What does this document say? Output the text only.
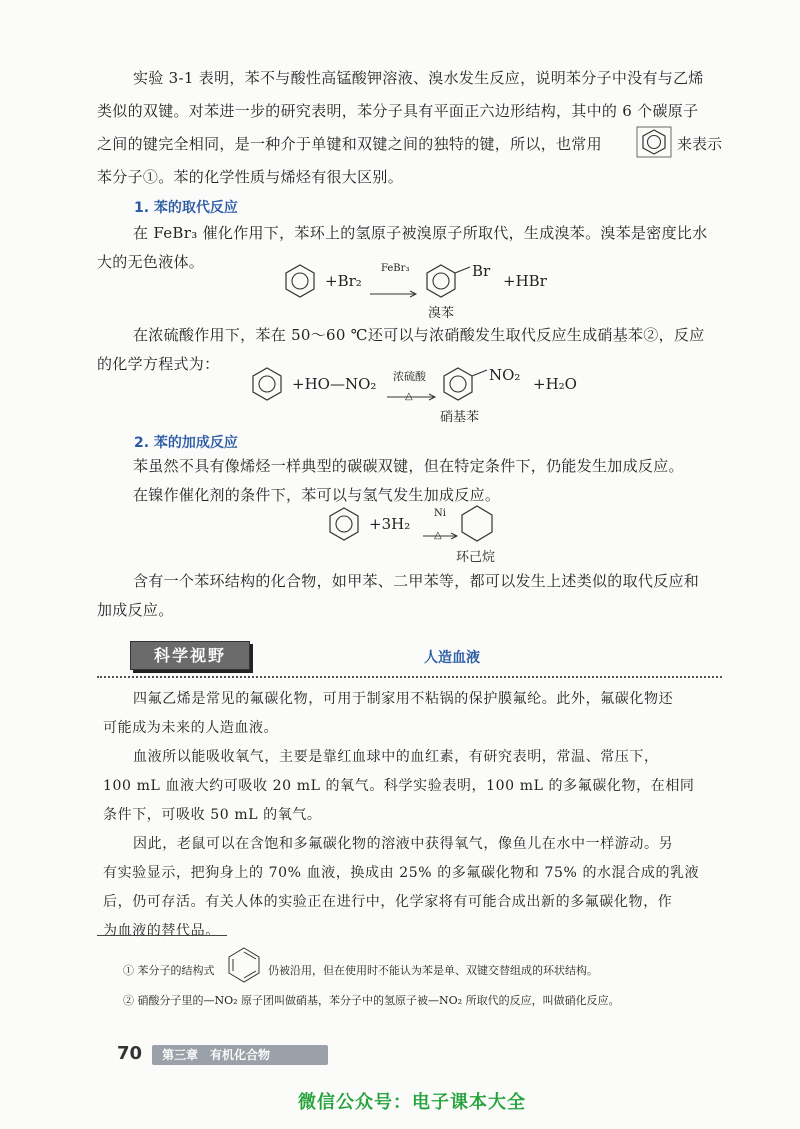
实验 3-1 表明，苯不与酸性高锰酸钾溶液、溴水发生反应，说明苯分子中没有与乙烯
类似的双键。对苯进一步的研究表明，苯分子具有平面正六边形结构，其中的 6 个碳原子
之间的键完全相同，是一种介于单键和双键之间的独特的键，所以，也常用	来表示
苯分子①。苯的化学性质与烯烃有很大区别。
1. 苯的取代反应
在 FeBr₃ 催化作用下，苯环上的氢原子被溴原子所取代，生成溴苯。溴苯是密度比水
大的无色液体。
+Br₂
FeBr₃	Br
+HBr
溴苯
在浓硫酸作用下，苯在 50～60 ℃还可以与浓硝酸发生取代反应生成硝基苯②，反应
的化学方程式为：
+HO—NO₂ 浓硫酸
△
NO₂ +H₂O
硝基苯
2. 苯的加成反应
苯虽然不具有像烯烃一样典型的碳碳双键，但在特定条件下，仍能发生加成反应。
在镍作催化剂的条件下，苯可以与氢气发生加成反应。
+3H₂
Ni
△
环己烷
含有一个苯环结构的化合物，如甲苯、二甲苯等，都可以发生上述类似的取代反应和
加成反应。
科学视野	人造血液
四氟乙烯是常见的氟碳化物，可用于制家用不粘锅的保护膜氟纶。此外，氟碳化物还
可能成为未来的人造血液。
血液所以能吸收氧气，主要是靠红血球中的血红素，有研究表明，常温、常压下，
100 mL 血液大约可吸收 20 mL 的氧气。科学实验表明，100 mL 的多氟碳化物，在相同
条件下，可吸收 50 mL 的氧气。
因此，老鼠可以在含饱和多氟碳化物的溶液中获得氧气，像鱼儿在水中一样游动。另
有实验显示，把狗身上的 70% 血液，换成由 25% 的多氟碳化物和 75% 的水混合成的乳液
后，仍可存活。有关人体的实验正在进行中，化学家将有可能合成出新的多氟碳化物，作
为血液的替代品。
① 苯分子的结构式	仍被沿用，但在使用时不能认为苯是单、双键交替组成的环状结构。
② 硝酸分子里的—NO₂ 原子团叫做硝基，苯分子中的氢原子被—NO₂ 所取代的反应，叫做硝化反应。
70	第三章　有机化合物
微信公众号：电子课本大全
